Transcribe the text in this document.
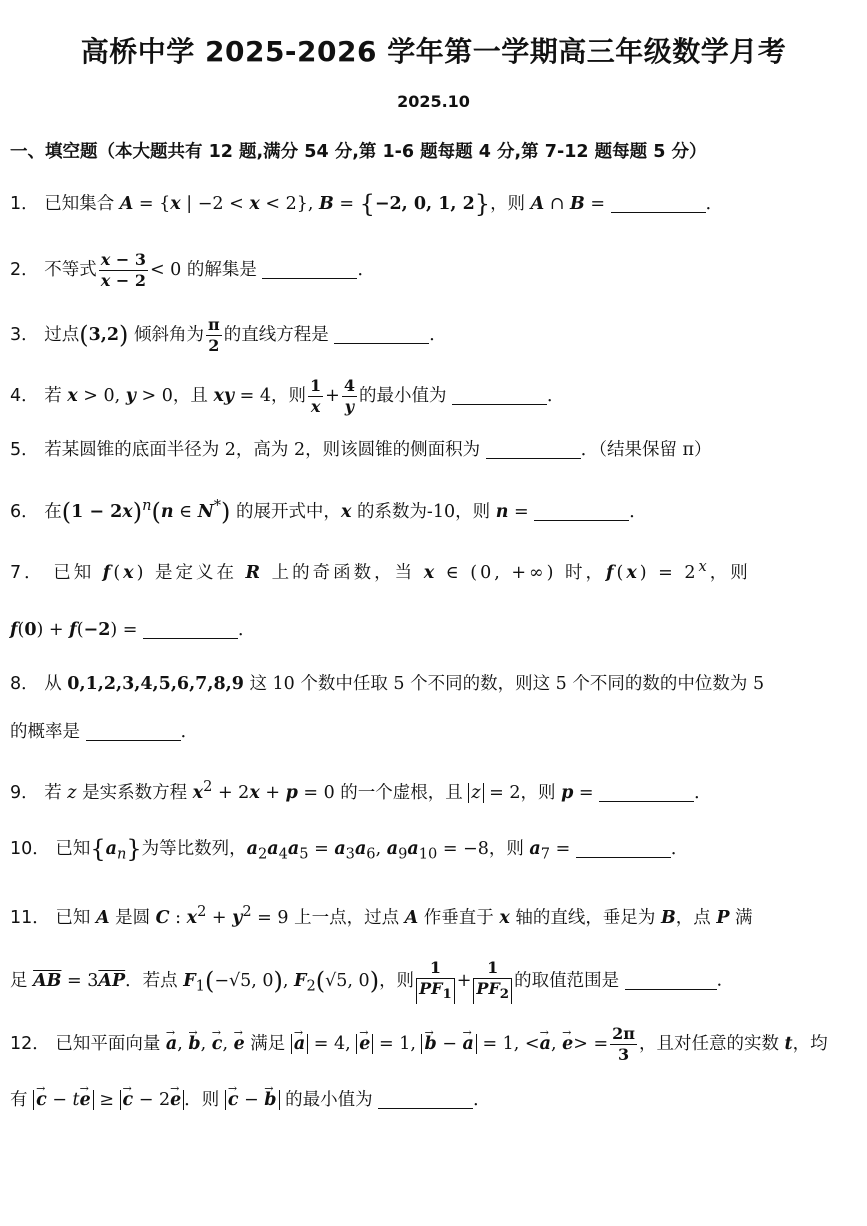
高桥中学 2025-2026 学年第一学期高三年级数学月考
2025.10
一、填空题（本大题共有 12 题,满分 54 分,第 1-6 题每题 4 分,第 7-12 题每题 5 分）
1． 已知集合 A = {x | −2 < x < 2}, B = {−2, 0, 1, 2}，则 A ∩ B =	．
2． 不等式 $\frac{x - 3}{x - 2} < 0$ 的解集是	．
3． 过点(3,2) 倾斜角为 $\frac{\pi}{2}$ 的直线方程是	．
4． 若 x > 0, y > 0，且 xy = 4，则 $\frac{1}{x} + \frac{4}{y}$ 的最小值为	．
5． 若某圆锥的底面半径为 2，高为 2，则该圆锥的侧面积为	．（结果保留 π）
6． 在$(1 - 2x)^n(n$ ∈ N*) 的展开式中，x 的系数为-10，则 n =	．
7． 已知 f(x) 是定义在 R 上的奇函数，当 x ∈ (0, +∞) 时，$f(x) = 2^x$，则
f(0) + f(−2) =	．
8． 从 0,1,2,3,4,5,6,7,8,9 这 10 个数中任取 5 个不同的数，则这 5 个不同的数的中位数为 5
的概率是	．
9． 若 z 是实系数方程 $x^2 + 2x + p = 0$ 的一个虚根，且 z = 2，则 p =	．
10． 已知$\{a_n\}$为等比数列，$a_2a_4a_5 = a_3a_6$, $a_9a_{10} = -8$，则 $a_7$ =	．
11． 已知 A 是圆 C : $x^2 + y^2 = 9$ 上一点，过点 A 作垂直于 x 轴的直线，垂足为 B，点 P 满
足 $\overline{AB} = 3\overline{AP}$．若点 $F_1(-√5$, 0), $F_2(√5$, 0)，则 $\frac{1}{PF_1} + \frac{1}{PF_2}$ 的取值范围是	．
12． 已知平面向量 → a, → b, → c, → e 满足 → a = 4, → e = 1, → b − → a = 1, <→ a, → $e> = \frac{2\pi}{3}$ ，且对任意的实数 t，均
有 → c − t→ e ≥ → c − 2→ e ．则 → c − → b 的最小值为	．
